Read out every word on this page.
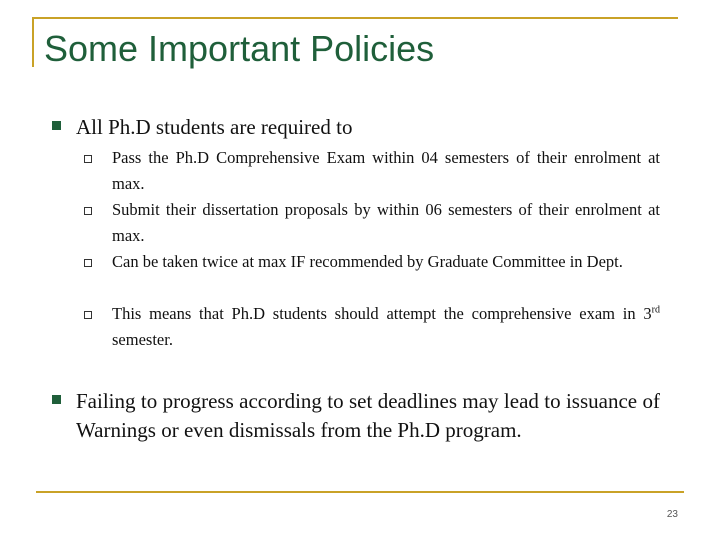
Some Important Policies
All Ph.D students are required to
Pass the Ph.D Comprehensive Exam within 04 semesters of their enrolment at max.
Submit their dissertation proposals by within 06 semesters of their enrolment at max.
Can be taken twice at max IF recommended by Graduate Committee in Dept.
This means that Ph.D students should attempt the comprehensive exam in 3rd semester.
Failing to progress according to set deadlines may lead to issuance of Warnings or even dismissals from the Ph.D program.
23
